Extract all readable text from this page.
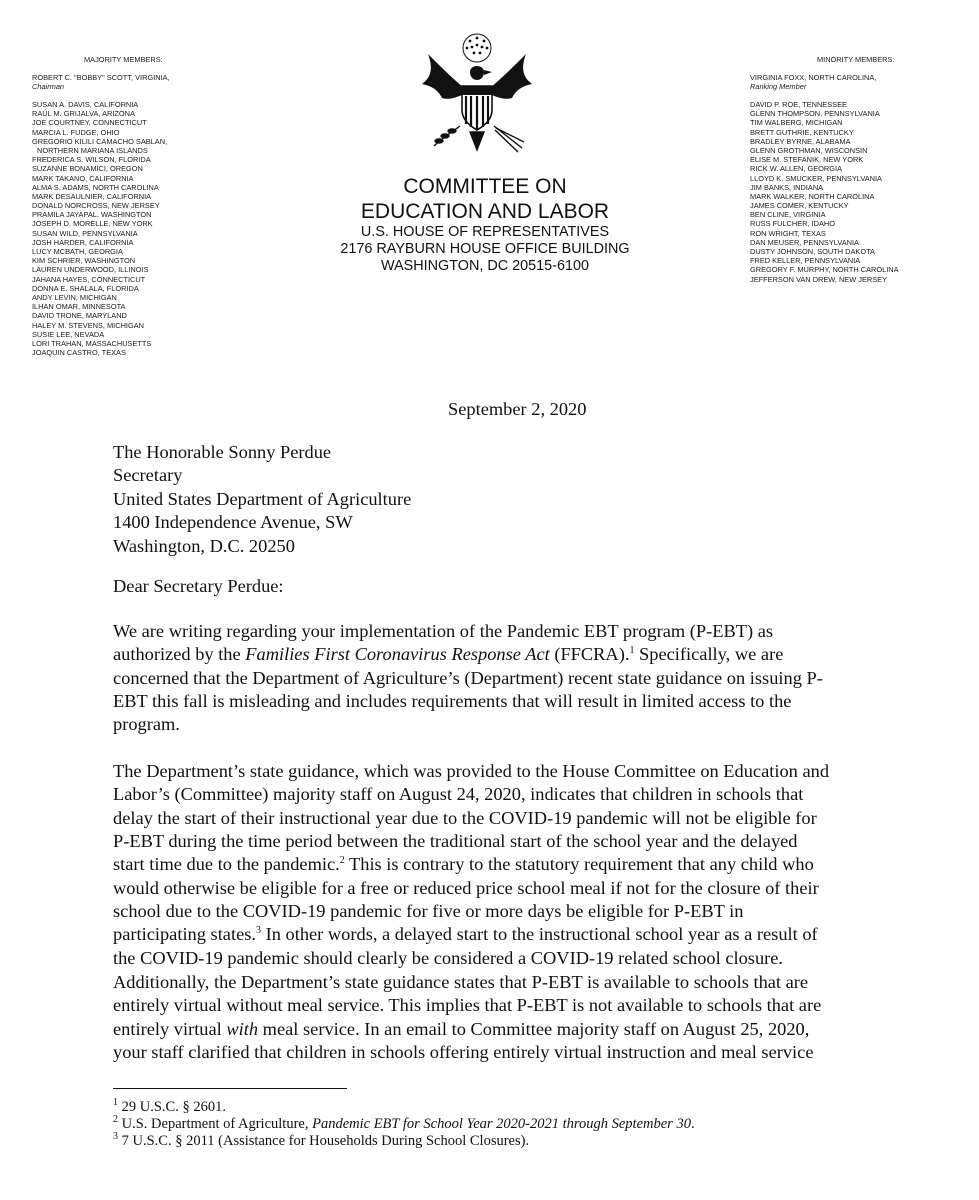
MAJORITY MEMBERS:
ROBERT C. "BOBBY" SCOTT, VIRGINIA,
Chairman
SUSAN A. DAVIS, CALIFORNIA
RAÚL M. GRIJALVA, ARIZONA
JOE COURTNEY, CONNECTICUT
MARCIA L. FUDGE, OHIO
GREGORIO KILILI CAMACHO SABLAN,
NORTHERN MARIANA ISLANDS
FREDERICA S. WILSON, FLORIDA
SUZANNE BONAMICI, OREGON
MARK TAKANO, CALIFORNIA
ALMA S. ADAMS, NORTH CAROLINA
MARK DESAULNIER, CALIFORNIA
DONALD NORCROSS, NEW JERSEY
PRAMILA JAYAPAL, WASHINGTON
JOSEPH D. MORELLE, NEW YORK
SUSAN WILD, PENNSYLVANIA
JOSH HARDER, CALIFORNIA
LUCY MCBATH, GEORGIA
KIM SCHRIER, WASHINGTON
LAUREN UNDERWOOD, ILLINOIS
JAHANA HAYES, CONNECTICUT
DONNA E. SHALALA, FLORIDA
ANDY LEVIN, MICHIGAN
ILHAN OMAR, MINNESOTA
DAVID TRONE, MARYLAND
HALEY M. STEVENS, MICHIGAN
SUSIE LEE, NEVADA
LORI TRAHAN, MASSACHUSETTS
JOAQUIN CASTRO, TEXAS
COMMITTEE ON
EDUCATION AND LABOR
U.S. HOUSE OF REPRESENTATIVES
2176 RAYBURN HOUSE OFFICE BUILDING
WASHINGTON, DC 20515-6100
MINORITY MEMBERS:
VIRGINIA FOXX, NORTH CAROLINA,
Ranking Member
DAVID P. ROE, TENNESSEE
GLENN THOMPSON, PENNSYLVANIA
TIM WALBERG, MICHIGAN
BRETT GUTHRIE, KENTUCKY
BRADLEY BYRNE, ALABAMA
GLENN GROTHMAN, WISCONSIN
ELISE M. STEFANIK, NEW YORK
RICK W. ALLEN, GEORGIA
LLOYD K. SMUCKER, PENNSYLVANIA
JIM BANKS, INDIANA
MARK WALKER, NORTH CAROLINA
JAMES COMER, KENTUCKY
BEN CLINE, VIRGINIA
RUSS FULCHER, IDAHO
RON WRIGHT, TEXAS
DAN MEUSER, PENNSYLVANIA
DUSTY JOHNSON, SOUTH DAKOTA
FRED KELLER, PENNSYLVANIA
GREGORY F. MURPHY, NORTH CAROLINA
JEFFERSON VAN DREW, NEW JERSEY
September 2, 2020
The Honorable Sonny Perdue
Secretary
United States Department of Agriculture
1400 Independence Avenue, SW
Washington, D.C. 20250
Dear Secretary Perdue:
We are writing regarding your implementation of the Pandemic EBT program (P-EBT) as
authorized by the Families First Coronavirus Response Act (FFCRA).$^1$ Specifically, we are
concerned that the Department of Agriculture’s (Department) recent state guidance on issuing P-
EBT this fall is misleading and includes requirements that will result in limited access to the
program.
The Department’s state guidance, which was provided to the House Committee on Education and
Labor’s (Committee) majority staff on August 24, 2020, indicates that children in schools that
delay the start of their instructional year due to the COVID-19 pandemic will not be eligible for
P-EBT during the time period between the traditional start of the school year and the delayed
start time due to the pandemic.$^2$ This is contrary to the statutory requirement that any child who
would otherwise be eligible for a free or reduced price school meal if not for the closure of their
school due to the COVID-19 pandemic for five or more days be eligible for P-EBT in
participating states.$^3$ In other words, a delayed start to the instructional school year as a result of
the COVID-19 pandemic should clearly be considered a COVID-19 related school closure.
Additionally, the Department’s state guidance states that P-EBT is available to schools that are
entirely virtual without meal service. This implies that P-EBT is not available to schools that are
entirely virtual with meal service. In an email to Committee majority staff on August 25, 2020,
your staff clarified that children in schools offering entirely virtual instruction and meal service
$^1$ 29 U.S.C. § 2601.
$^2$ U.S. Department of Agriculture, Pandemic EBT for School Year 2020-2021 through September 30.
$^3$ 7 U.S.C. § 2011 (Assistance for Households During School Closures).
